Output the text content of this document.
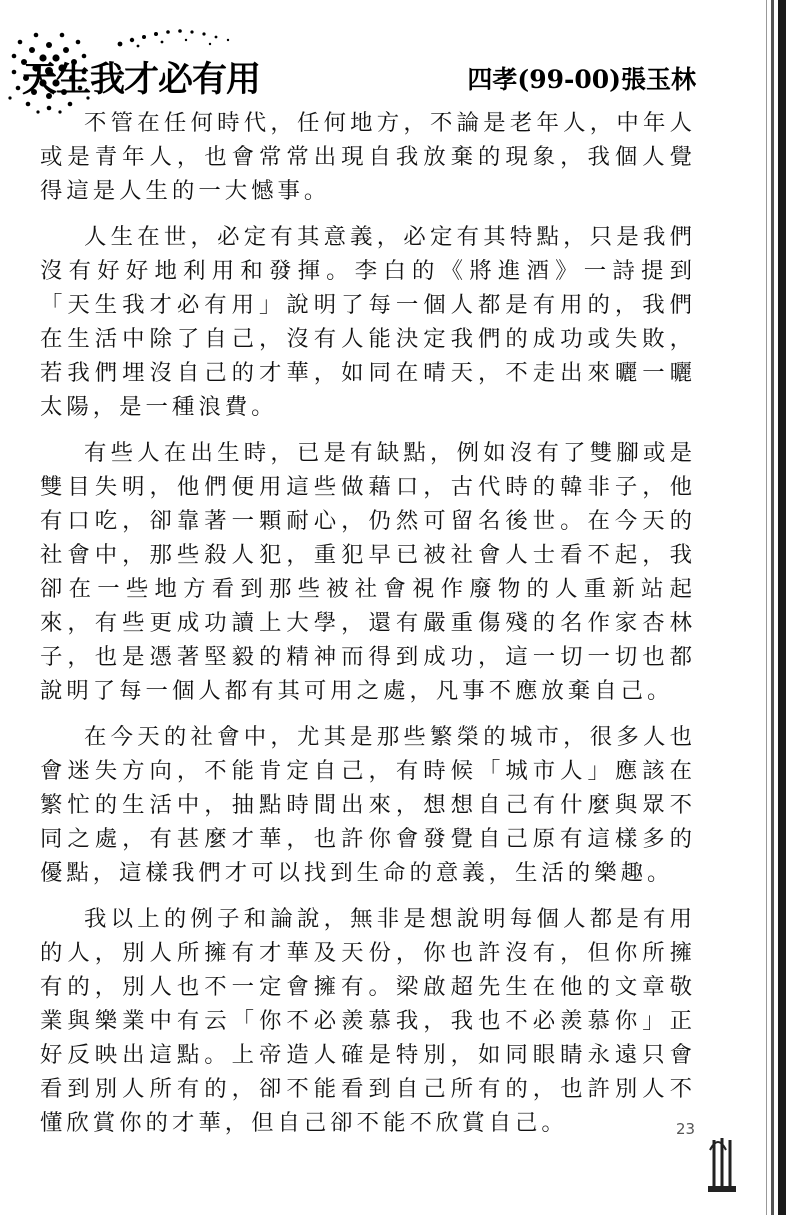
天生我才必有用	四孝(99-00)張玉林

不管在任何時代，任何地方，不論是老年人，中年人或是青年人，也會常常出現自我放棄的現象，我個人覺得這是人生的一大憾事。

人生在世，必定有其意義，必定有其特點，只是我們沒有好好地利用和發揮。李白的《將進酒》一詩提到「天生我才必有用」說明了每一個人都是有用的，我們在生活中除了自己，沒有人能決定我們的成功或失敗，若我們埋沒自己的才華，如同在晴天，不走出來曬一曬太陽，是一種浪費。

有些人在出生時，已是有缺點，例如沒有了雙腳或是雙目失明，他們便用這些做藉口，古代時的韓非子，他有口吃，卻靠著一顆耐心，仍然可留名後世。在今天的社會中，那些殺人犯，重犯早已被社會人士看不起，我卻在一些地方看到那些被社會視作廢物的人重新站起來，有些更成功讀上大學，還有嚴重傷殘的名作家杏林子，也是憑著堅毅的精神而得到成功，這一切一切也都說明了每一個人都有其可用之處，凡事不應放棄自己。

在今天的社會中，尤其是那些繁榮的城市，很多人也會迷失方向，不能肯定自己，有時候「城市人」應該在繁忙的生活中，抽點時間出來，想想自己有什麼與眾不同之處，有甚麼才華，也許你會發覺自己原有這樣多的優點，這樣我們才可以找到生命的意義，生活的樂趣。

我以上的例子和論說，無非是想說明每個人都是有用的人，別人所擁有才華及天份，你也許沒有，但你所擁有的，別人也不一定會擁有。梁啟超先生在他的文章敬業與樂業中有云「你不必羨慕我，我也不必羨慕你」正好反映出這點。上帝造人確是特別，如同眼睛永遠只會看到別人所有的，卻不能看到自己所有的，也許別人不懂欣賞你的才華，但自己卻不能不欣賞自己。	23
